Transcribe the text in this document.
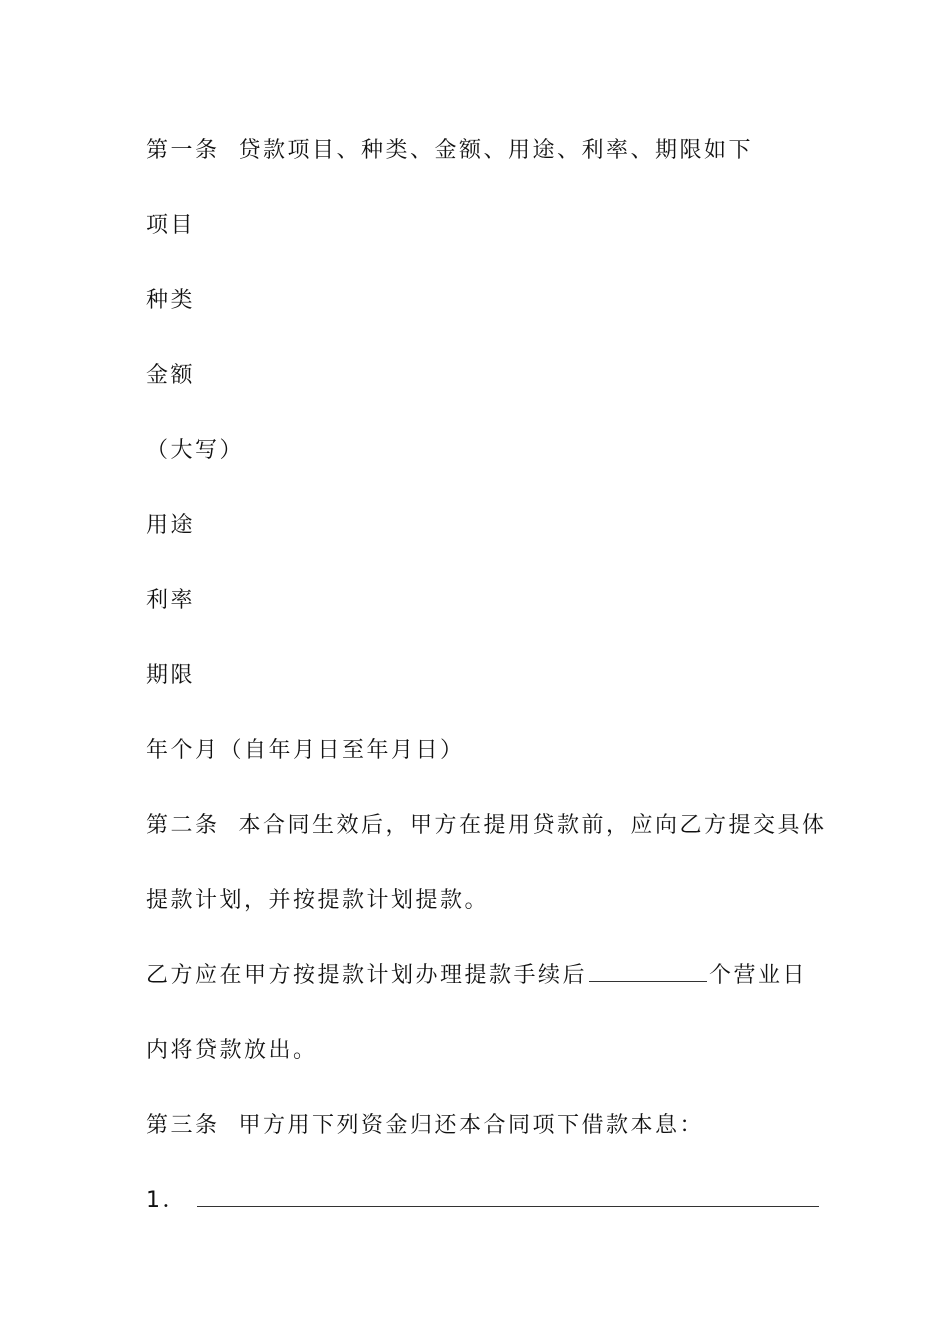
第一条 贷款项目、种类、金额、用途、利率、期限如下
项目
种类
金额
（大写）
用途
利率
期限
年个月（自年月日至年月日）
第二条 本合同生效后，甲方在提用贷款前，应向乙方提交具体
提款计划，并按提款计划提款。
乙方应在甲方按提款计划办理提款手续后	个营业日
内将贷款放出。
第三条 甲方用下列资金归还本合同项下借款本息：
1．
